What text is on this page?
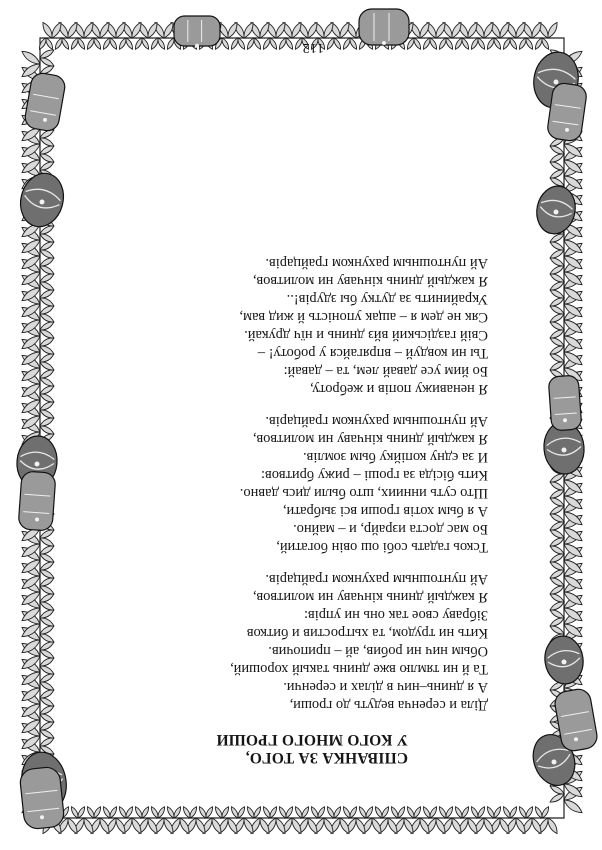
СПІВАНКА ЗА ТОГО,
У КОГО МНОГО ГРОШИ
Діла и серенча ведуть до гроши,
А я днинь–нич в ділах и серенчи.
Та й ни тямлю вже днинь такый хороший,
Обым нич ни робив, ай – припочив.
Кить ни трудом, та хытростив и битков
Зібраву свое так онь ни упрів:
Я каждый днинь кінчаву ни молитвов,
Ай пунтошным рахунком грайцарів.
Тскоь гадать собі ош овін богатий,
Бо мас доста израйр, и – майно.
А я бым хотів гроши всі зыбрати,
Што суть инниих, што были дись давно.
Кить бісіда за гроші – рижу бритвов:
И за єдну копійку бым зомлів.
Я каждый днинь кінчаву ни молитвов,
Ай пунтошным рахунком грайцарів.
Я ненавижу попів и жеброту,
Бо йим усе давай лем, та – давай:
Ты ни ковдуй – впрягайся у роботу! –
Свій газдіський вйз днинь и нїч друкай.
Сяк не дем я – ащак упоність й жид вам,
Украйинить за дутку бы здурів!..
Я каждый днинь кінчаву ни молитвов,
Ай пунтошным рахунком грайцарів.
112
